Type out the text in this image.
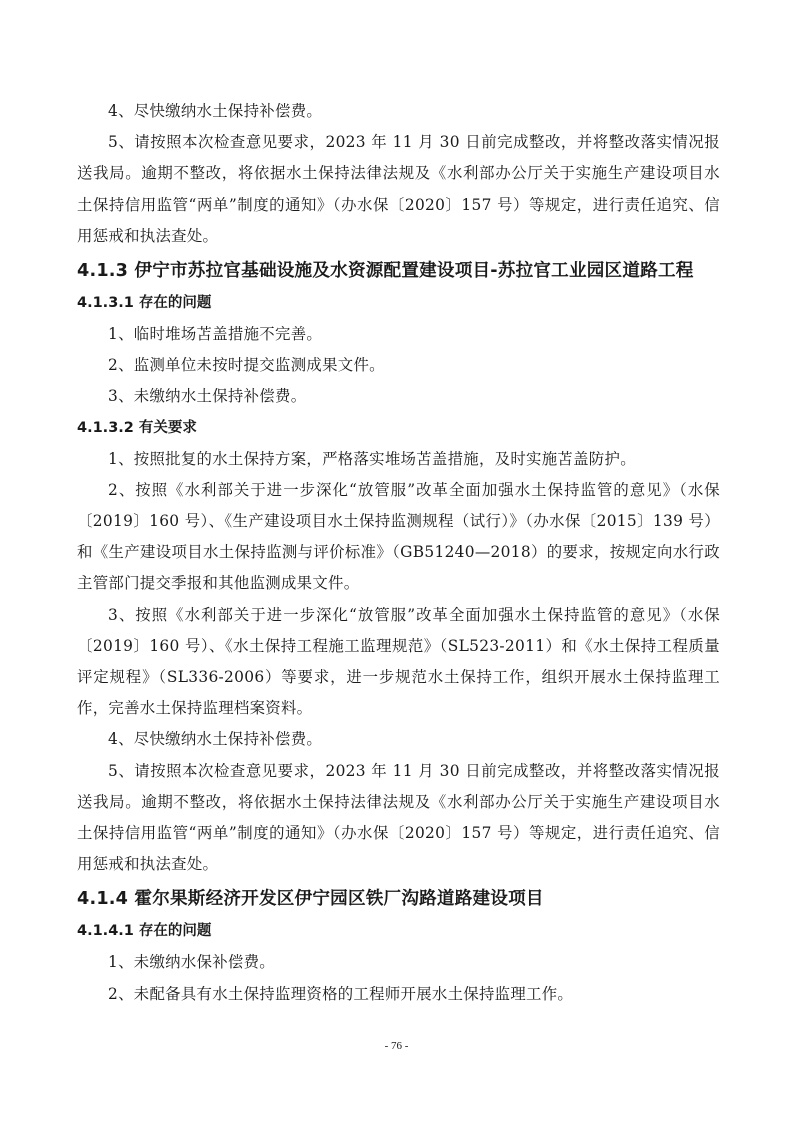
4、尽快缴纳水土保持补偿费。

5、请按照本次检查意见要求，2023 年 11 月 30 日前完成整改，并将整改落实情况报送我局。逾期不整改，将依据水土保持法律法规及《水利部办公厅关于实施生产建设项目水土保持信用监管“两单”制度的通知》（办水保〔2020〕157 号）等规定，进行责任追究、信用惩戒和执法查处。

4.1.3 伊宁市苏拉官基础设施及水资源配置建设项目-苏拉官工业园区道路工程
4.1.3.1 存在的问题

1、临时堆场苫盖措施不完善。

2、监测单位未按时提交监测成果文件。

3、未缴纳水土保持补偿费。

4.1.3.2 有关要求

1、按照批复的水土保持方案，严格落实堆场苫盖措施，及时实施苫盖防护。

2、按照《水利部关于进一步深化“放管服”改革全面加强水土保持监管的意见》（水保〔2019〕160 号）、《生产建设项目水土保持监测规程（试行）》（办水保〔2015〕139 号）和《生产建设项目水土保持监测与评价标准》（GB51240—2018）的要求，按规定向水行政主管部门提交季报和其他监测成果文件。

3、按照《水利部关于进一步深化“放管服”改革全面加强水土保持监管的意见》（水保〔2019〕160 号）、《水土保持工程施工监理规范》（SL523-2011）和《水土保持工程质量评定规程》（SL336-2006）等要求，进一步规范水土保持工作，组织开展水土保持监理工作，完善水土保持监理档案资料。

4、尽快缴纳水土保持补偿费。

5、请按照本次检查意见要求，2023 年 11 月 30 日前完成整改，并将整改落实情况报送我局。逾期不整改，将依据水土保持法律法规及《水利部办公厅关于实施生产建设项目水土保持信用监管“两单”制度的通知》（办水保〔2020〕157 号）等规定，进行责任追究、信用惩戒和执法查处。

4.1.4 霍尔果斯经济开发区伊宁园区铁厂沟路道路建设项目
4.1.4.1 存在的问题

1、未缴纳水保补偿费。

2、未配备具有水土保持监理资格的工程师开展水土保持监理工作。

- 76 -
